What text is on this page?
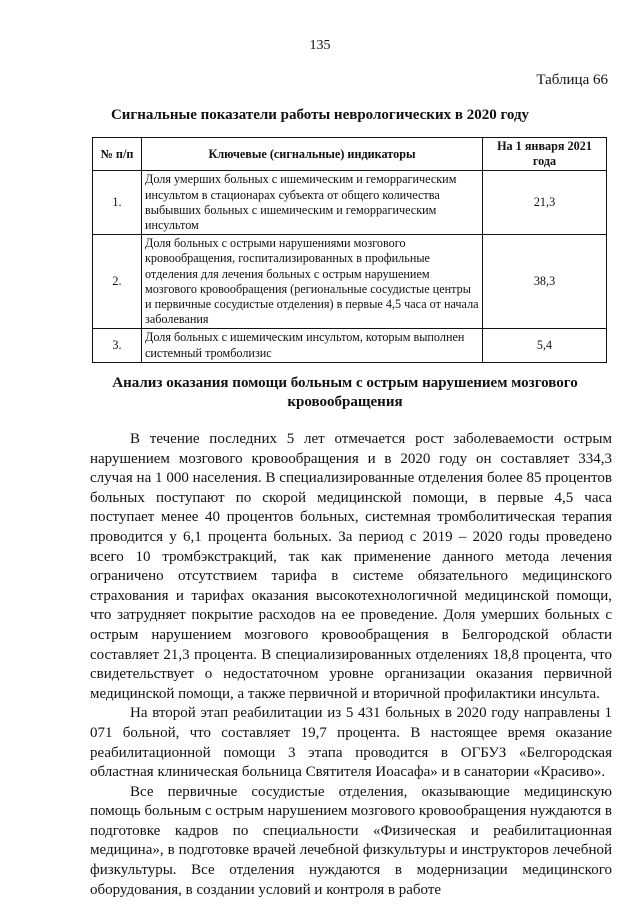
135
Таблица 66
Сигнальные показатели работы неврологических в 2020 году
№ п/п	Ключевые (сигнальные) индикаторы	На 1 января 2021 года
1.	Доля умерших больных с ишемическим и геморрагическим инсультом в стационарах субъекта от общего количества выбывших больных с ишемическим и геморрагическим инсультом	21,3
2.	Доля больных с острыми нарушениями мозгового кровообращения, госпитализированных в профильные отделения для лечения больных с острым нарушением мозгового кровообращения (региональные сосудистые центры и первичные сосудистые отделения) в первые 4,5 часа от начала заболевания	38,3
3.	Доля больных с ишемическим инсультом, которым выполнен системный тромболизис	5,4
Анализ оказания помощи больным с острым нарушением мозгового кровообращения

В течение последних 5 лет отмечается рост заболеваемости острым нарушением мозгового кровообращения и в 2020 году он составляет 334,3 случая на 1 000 населения. В специализированные отделения более 85 процентов больных поступают по скорой медицинской помощи, в первые 4,5 часа поступает менее 40 процентов больных, системная тромболитическая терапия проводится у 6,1 процента больных. За период с 2019 – 2020 годы проведено всего 10 тромбэкстракций, так как применение данного метода лечения ограничено отсутствием тарифа в системе обязательного медицинского страхования и тарифах оказания высокотехнологичной медицинской помощи, что затрудняет покрытие расходов на ее проведение. Доля умерших больных с острым нарушением мозгового кровообращения в Белгородской области составляет 21,3 процента. В специализированных отделениях 18,8 процента, что свидетельствует о недостаточном уровне организации оказания первичной медицинской помощи, а также первичной и вторичной профилактики инсульта.

На второй этап реабилитации из 5 431 больных в 2020 году направлены 1 071 больной, что составляет 19,7 процента. В настоящее время оказание реабилитационной помощи 3 этапа проводится в ОГБУЗ «Белгородская областная клиническая больница Святителя Иоасафа» и в санатории «Красиво».

Все первичные сосудистые отделения, оказывающие медицинскую помощь больным с острым нарушением мозгового кровообращения нуждаются в подготовке кадров по специальности «Физическая и реабилитационная медицина», в подготовке врачей лечебной физкультуры и инструкторов лечебной физкультуры. Все отделения нуждаются в модернизации медицинского оборудования, в создании условий и контроля в работе
